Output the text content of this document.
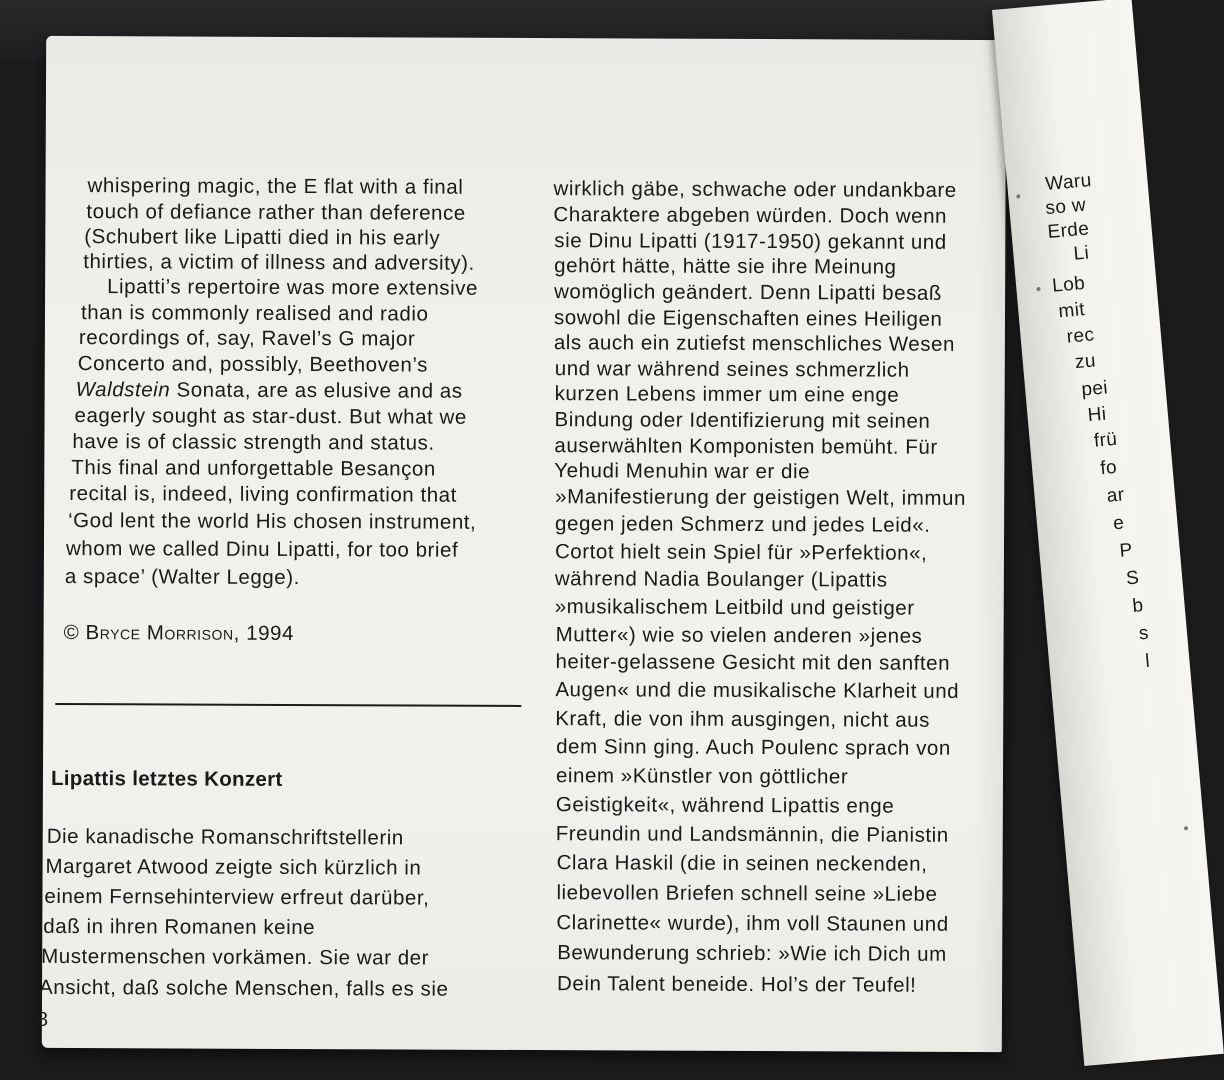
whispering magic, the E flat with a final
touch of defiance rather than deference
(Schubert like Lipatti died in his early
thirties, a victim of illness and adversity).
Lipatti’s repertoire was more extensive
than is commonly realised and radio
recordings of, say, Ravel’s G major
Concerto and, possibly, Beethoven’s
Waldstein Sonata, are as elusive and as
eagerly sought as star-dust. But what we
have is of classic strength and status.
This final and unforgettable Besançon
recital is, indeed, living confirmation that
‘God lent the world His chosen instrument,
whom we called Dinu Lipatti, for too brief
a space’ (Walter Legge).
© Bryce Morrison, 1994
Lipattis letztes Konzert
Die kanadische Romanschriftstellerin
Margaret Atwood zeigte sich kürzlich in
einem Fernsehinterview erfreut darüber,
daß in ihren Romanen keine
Mustermenschen vorkämen. Sie war der
Ansicht, daß solche Menschen, falls es sie
8
wirklich gäbe, schwache oder undankbare
Charaktere abgeben würden. Doch wenn
sie Dinu Lipatti (1917-1950) gekannt und
gehört hätte, hätte sie ihre Meinung
womöglich geändert. Denn Lipatti besaß
sowohl die Eigenschaften eines Heiligen
als auch ein zutiefst menschliches Wesen
und war während seines schmerzlich
kurzen Lebens immer um eine enge
Bindung oder Identifizierung mit seinen
auserwählten Komponisten bemüht. Für
Yehudi Menuhin war er die
»Manifestierung der geistigen Welt, immun
gegen jeden Schmerz und jedes Leid«.
Cortot hielt sein Spiel für »Perfektion«,
während Nadia Boulanger (Lipattis
»musikalischem Leitbild und geistiger
Mutter«) wie so vielen anderen »jenes
heiter-gelassene Gesicht mit den sanften
Augen« und die musikalische Klarheit und
Kraft, die von ihm ausgingen, nicht aus
dem Sinn ging. Auch Poulenc sprach von
einem »Künstler von göttlicher
Geistigkeit«, während Lipattis enge
Freundin und Landsmännin, die Pianistin
Clara Haskil (die in seinen neckenden,
liebevollen Briefen schnell seine »Liebe
Clarinette« wurde), ihm voll Staunen und
Bewunderung schrieb: »Wie ich Dich um
Dein Talent beneide. Hol’s der Teufel!
Waru
so w
Erde
Li
Lob
mit
rec
zu
pei
Hi
frü
fo
ar
e
P
S
b
s
l
